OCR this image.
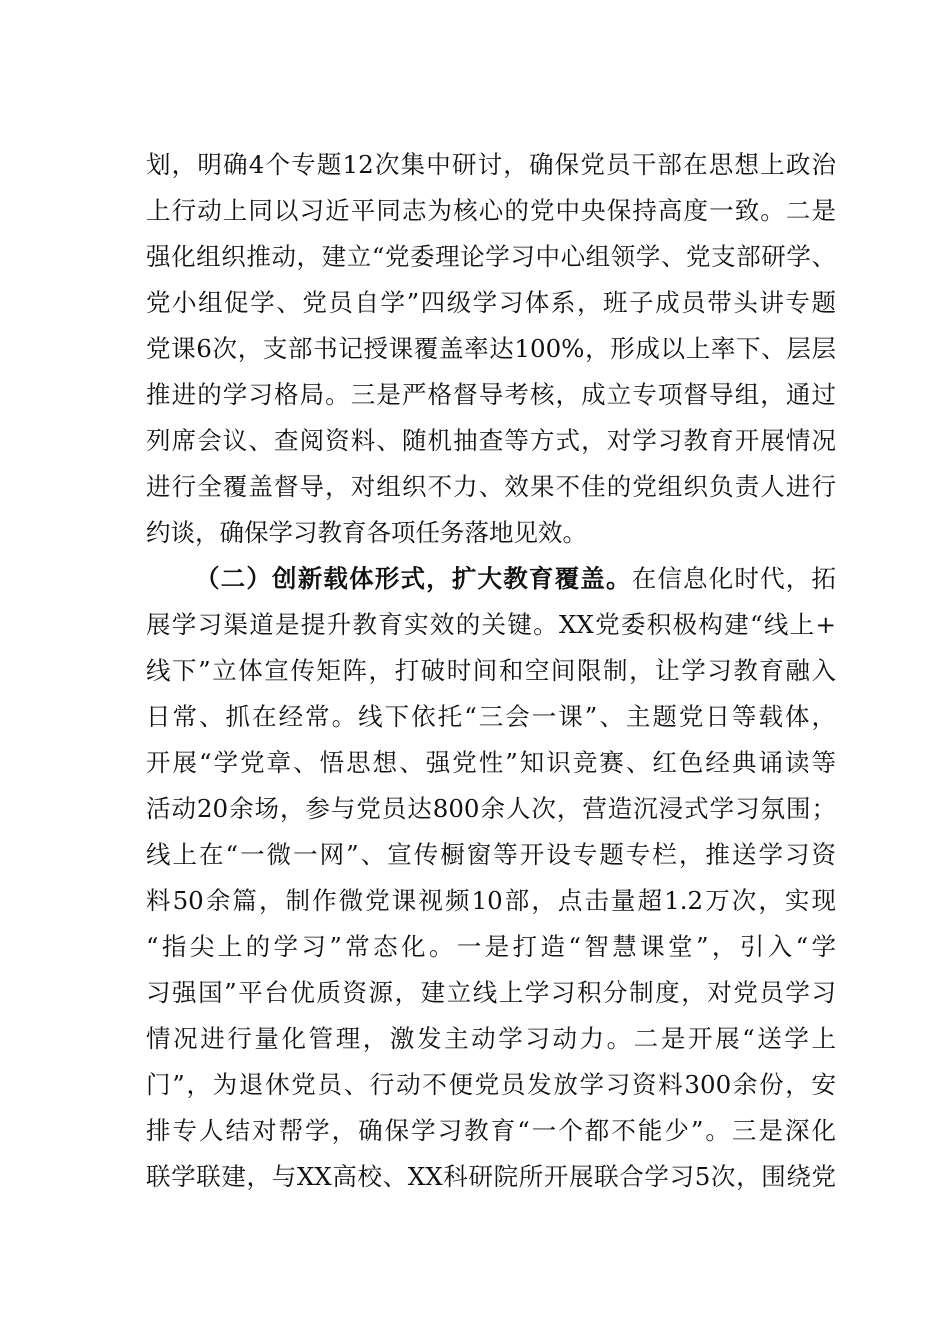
划，明确4个专题12次集中研讨，确保党员干部在思想上政治
上行动上同以习近平同志为核心的党中央保持高度一致。二是
强化组织推动，建立“党委理论学习中心组领学、党支部研学、
党小组促学、党员自学”四级学习体系，班子成员带头讲专题
党课6次，支部书记授课覆盖率达100%，形成以上率下、层层
推进的学习格局。三是严格督导考核，成立专项督导组，通过
列席会议、查阅资料、随机抽查等方式，对学习教育开展情况
进行全覆盖督导，对组织不力、效果不佳的党组织负责人进行
约谈，确保学习教育各项任务落地见效。
（二）创新载体形式，扩大教育覆盖。在信息化时代，拓
展学习渠道是提升教育实效的关键。XX党委积极构建“线上+
线下”立体宣传矩阵，打破时间和空间限制，让学习教育融入
日常、抓在经常。线下依托“三会一课”、主题党日等载体，
开展“学党章、悟思想、强党性”知识竞赛、红色经典诵读等
活动20余场，参与党员达800余人次，营造沉浸式学习氛围；
线上在“一微一网”、宣传橱窗等开设专题专栏，推送学习资
料50余篇，制作微党课视频10部，点击量超1.2万次，实现
“指尖上的学习”常态化。一是打造“智慧课堂”，引入“学
习强国”平台优质资源，建立线上学习积分制度，对党员学习
情况进行量化管理，激发主动学习动力。二是开展“送学上
门”，为退休党员、行动不便党员发放学习资料300余份，安
排专人结对帮学，确保学习教育“一个都不能少”。三是深化
联学联建，与XX高校、XX科研院所开展联合学习5次，围绕党
